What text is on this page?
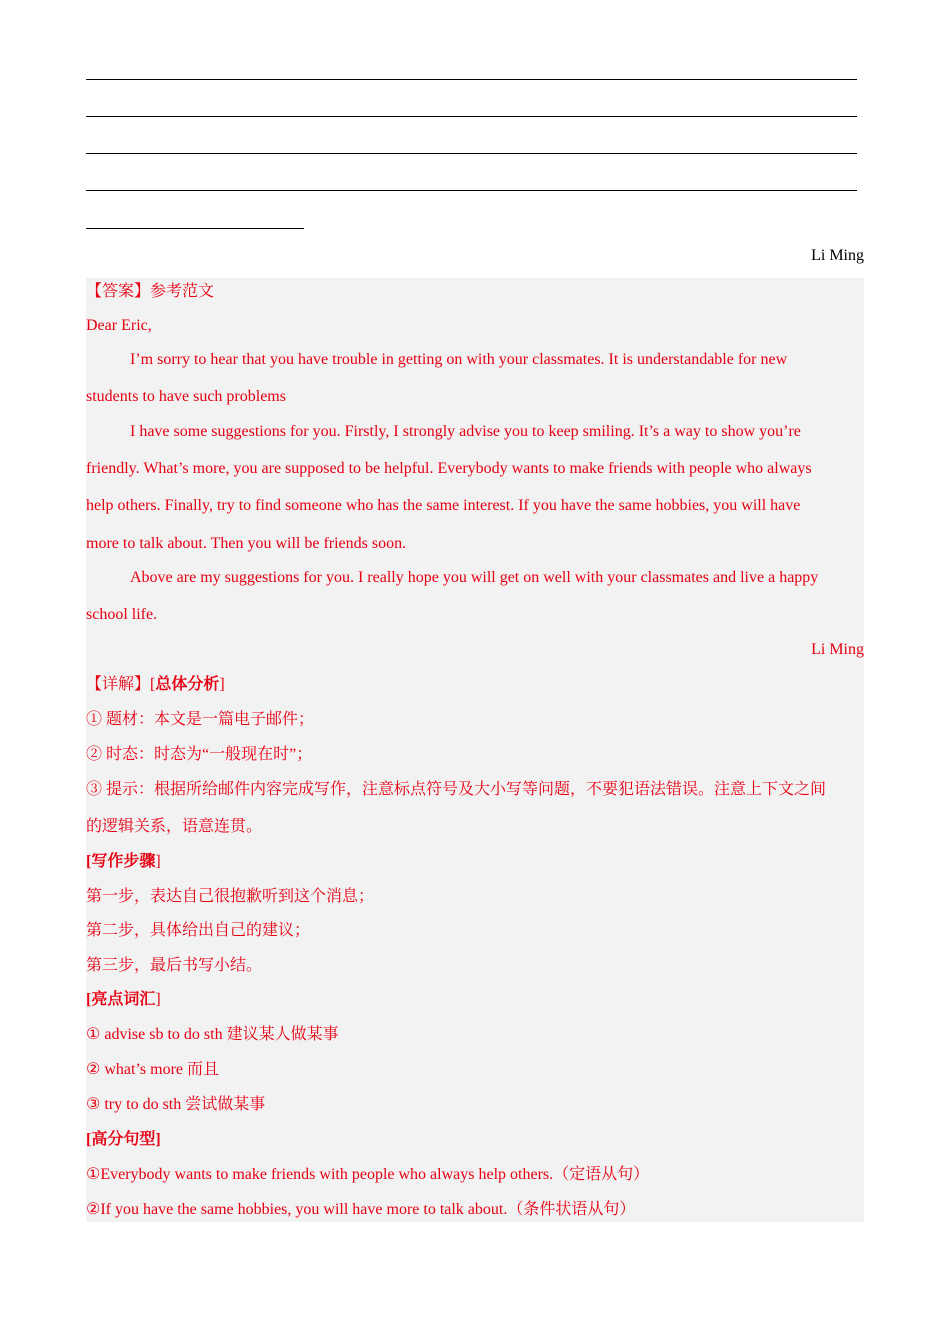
Li Ming
【答案】参考范文
Dear Eric,
I’m sorry to hear that you have trouble in getting on with your classmates. It is understandable for new
students to have such problems
I have some suggestions for you. Firstly, I strongly advise you to keep smiling. It’s a way to show you’re
friendly. What’s more, you are supposed to be helpful. Everybody wants to make friends with people who always
help others. Finally, try to find someone who has the same interest. If you have the same hobbies, you will have
more to talk about. Then you will be friends soon.
Above are my suggestions for you. I really hope you will get on well with your classmates and live a happy
school life.
Li Ming
【详解】[总体分析]
① 题材：本文是一篇电子邮件；
② 时态：时态为“一般现在时”；
③ 提示：根据所给邮件内容完成写作，注意标点符号及大小写等问题，不要犯语法错误。注意上下文之间
的逻辑关系，语意连贯。
[写作步骤]
第一步，表达自己很抱歉听到这个消息；
第二步，具体给出自己的建议；
第三步，最后书写小结。
[亮点词汇]
① advise sb to do sth 建议某人做某事
② what’s more 而且
③ try to do sth 尝试做某事
[高分句型]
①Everybody wants to make friends with people who always help others.（定语从句）
②If you have the same hobbies, you will have more to talk about.（条件状语从句）
